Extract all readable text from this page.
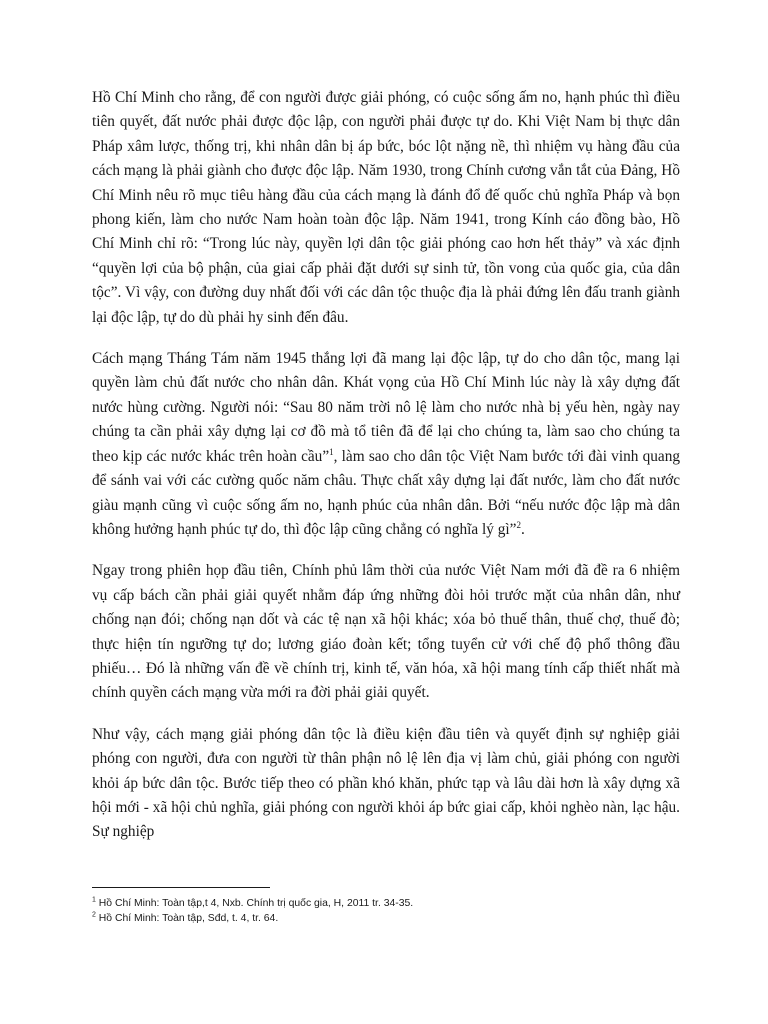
Hồ Chí Minh cho rằng, để con người được giải phóng, có cuộc sống ấm no, hạnh phúc thì điều tiên quyết, đất nước phải được độc lập, con người phải được tự do. Khi Việt Nam bị thực dân Pháp xâm lược, thống trị, khi nhân dân bị áp bức, bóc lột nặng nề, thì nhiệm vụ hàng đầu của cách mạng là phải giành cho được độc lập. Năm 1930, trong Chính cương vắn tắt của Đảng, Hồ Chí Minh nêu rõ mục tiêu hàng đầu của cách mạng là đánh đổ đế quốc chủ nghĩa Pháp và bọn phong kiến, làm cho nước Nam hoàn toàn độc lập. Năm 1941, trong Kính cáo đồng bào, Hồ Chí Minh chỉ rõ: “Trong lúc này, quyền lợi dân tộc giải phóng cao hơn hết thảy” và xác định “quyền lợi của bộ phận, của giai cấp phải đặt dưới sự sinh tử, tồn vong của quốc gia, của dân tộc”. Vì vậy, con đường duy nhất đối với các dân tộc thuộc địa là phải đứng lên đấu tranh giành lại độc lập, tự do dù phải hy sinh đến đâu.

Cách mạng Tháng Tám năm 1945 thắng lợi đã mang lại độc lập, tự do cho dân tộc, mang lại quyền làm chủ đất nước cho nhân dân. Khát vọng của Hồ Chí Minh lúc này là xây dựng đất nước hùng cường. Người nói: “Sau 80 năm trời nô lệ làm cho nước nhà bị yếu hèn, ngày nay chúng ta cần phải xây dựng lại cơ đồ mà tổ tiên đã để lại cho chúng ta, làm sao cho chúng ta theo kịp các nước khác trên hoàn cầu”$^1$, làm sao cho dân tộc Việt Nam bước tới đài vinh quang để sánh vai với các cường quốc năm châu. Thực chất xây dựng lại đất nước, làm cho đất nước giàu mạnh cũng vì cuộc sống ấm no, hạnh phúc của nhân dân. Bởi “nếu nước độc lập mà dân không hưởng hạnh phúc tự do, thì độc lập cũng chẳng có nghĩa lý gì”$^2$.

Ngay trong phiên họp đầu tiên, Chính phủ lâm thời của nước Việt Nam mới đã đề ra 6 nhiệm vụ cấp bách cần phải giải quyết nhằm đáp ứng những đòi hỏi trước mặt của nhân dân, như chống nạn đói; chống nạn dốt và các tệ nạn xã hội khác; xóa bỏ thuế thân, thuế chợ, thuế đò; thực hiện tín ngưỡng tự do; lương giáo đoàn kết; tổng tuyển cử với chế độ phổ thông đầu phiếu… Đó là những vấn đề về chính trị, kinh tế, văn hóa, xã hội mang tính cấp thiết nhất mà chính quyền cách mạng vừa mới ra đời phải giải quyết.

Như vậy, cách mạng giải phóng dân tộc là điều kiện đầu tiên và quyết định sự nghiệp giải phóng con người, đưa con người từ thân phận nô lệ lên địa vị làm chủ, giải phóng con người khỏi áp bức dân tộc. Bước tiếp theo có phần khó khăn, phức tạp và lâu dài hơn là xây dựng xã hội mới - xã hội chủ nghĩa, giải phóng con người khỏi áp bức giai cấp, khỏi nghèo nàn, lạc hậu. Sự nghiệp

$^1$ Hồ Chí Minh: Toàn tập,t 4, Nxb. Chính trị quốc gia, H, 2011 tr. 34-35.

$^2$ Hồ Chí Minh: Toàn tập, Sđd, t. 4, tr. 64.
